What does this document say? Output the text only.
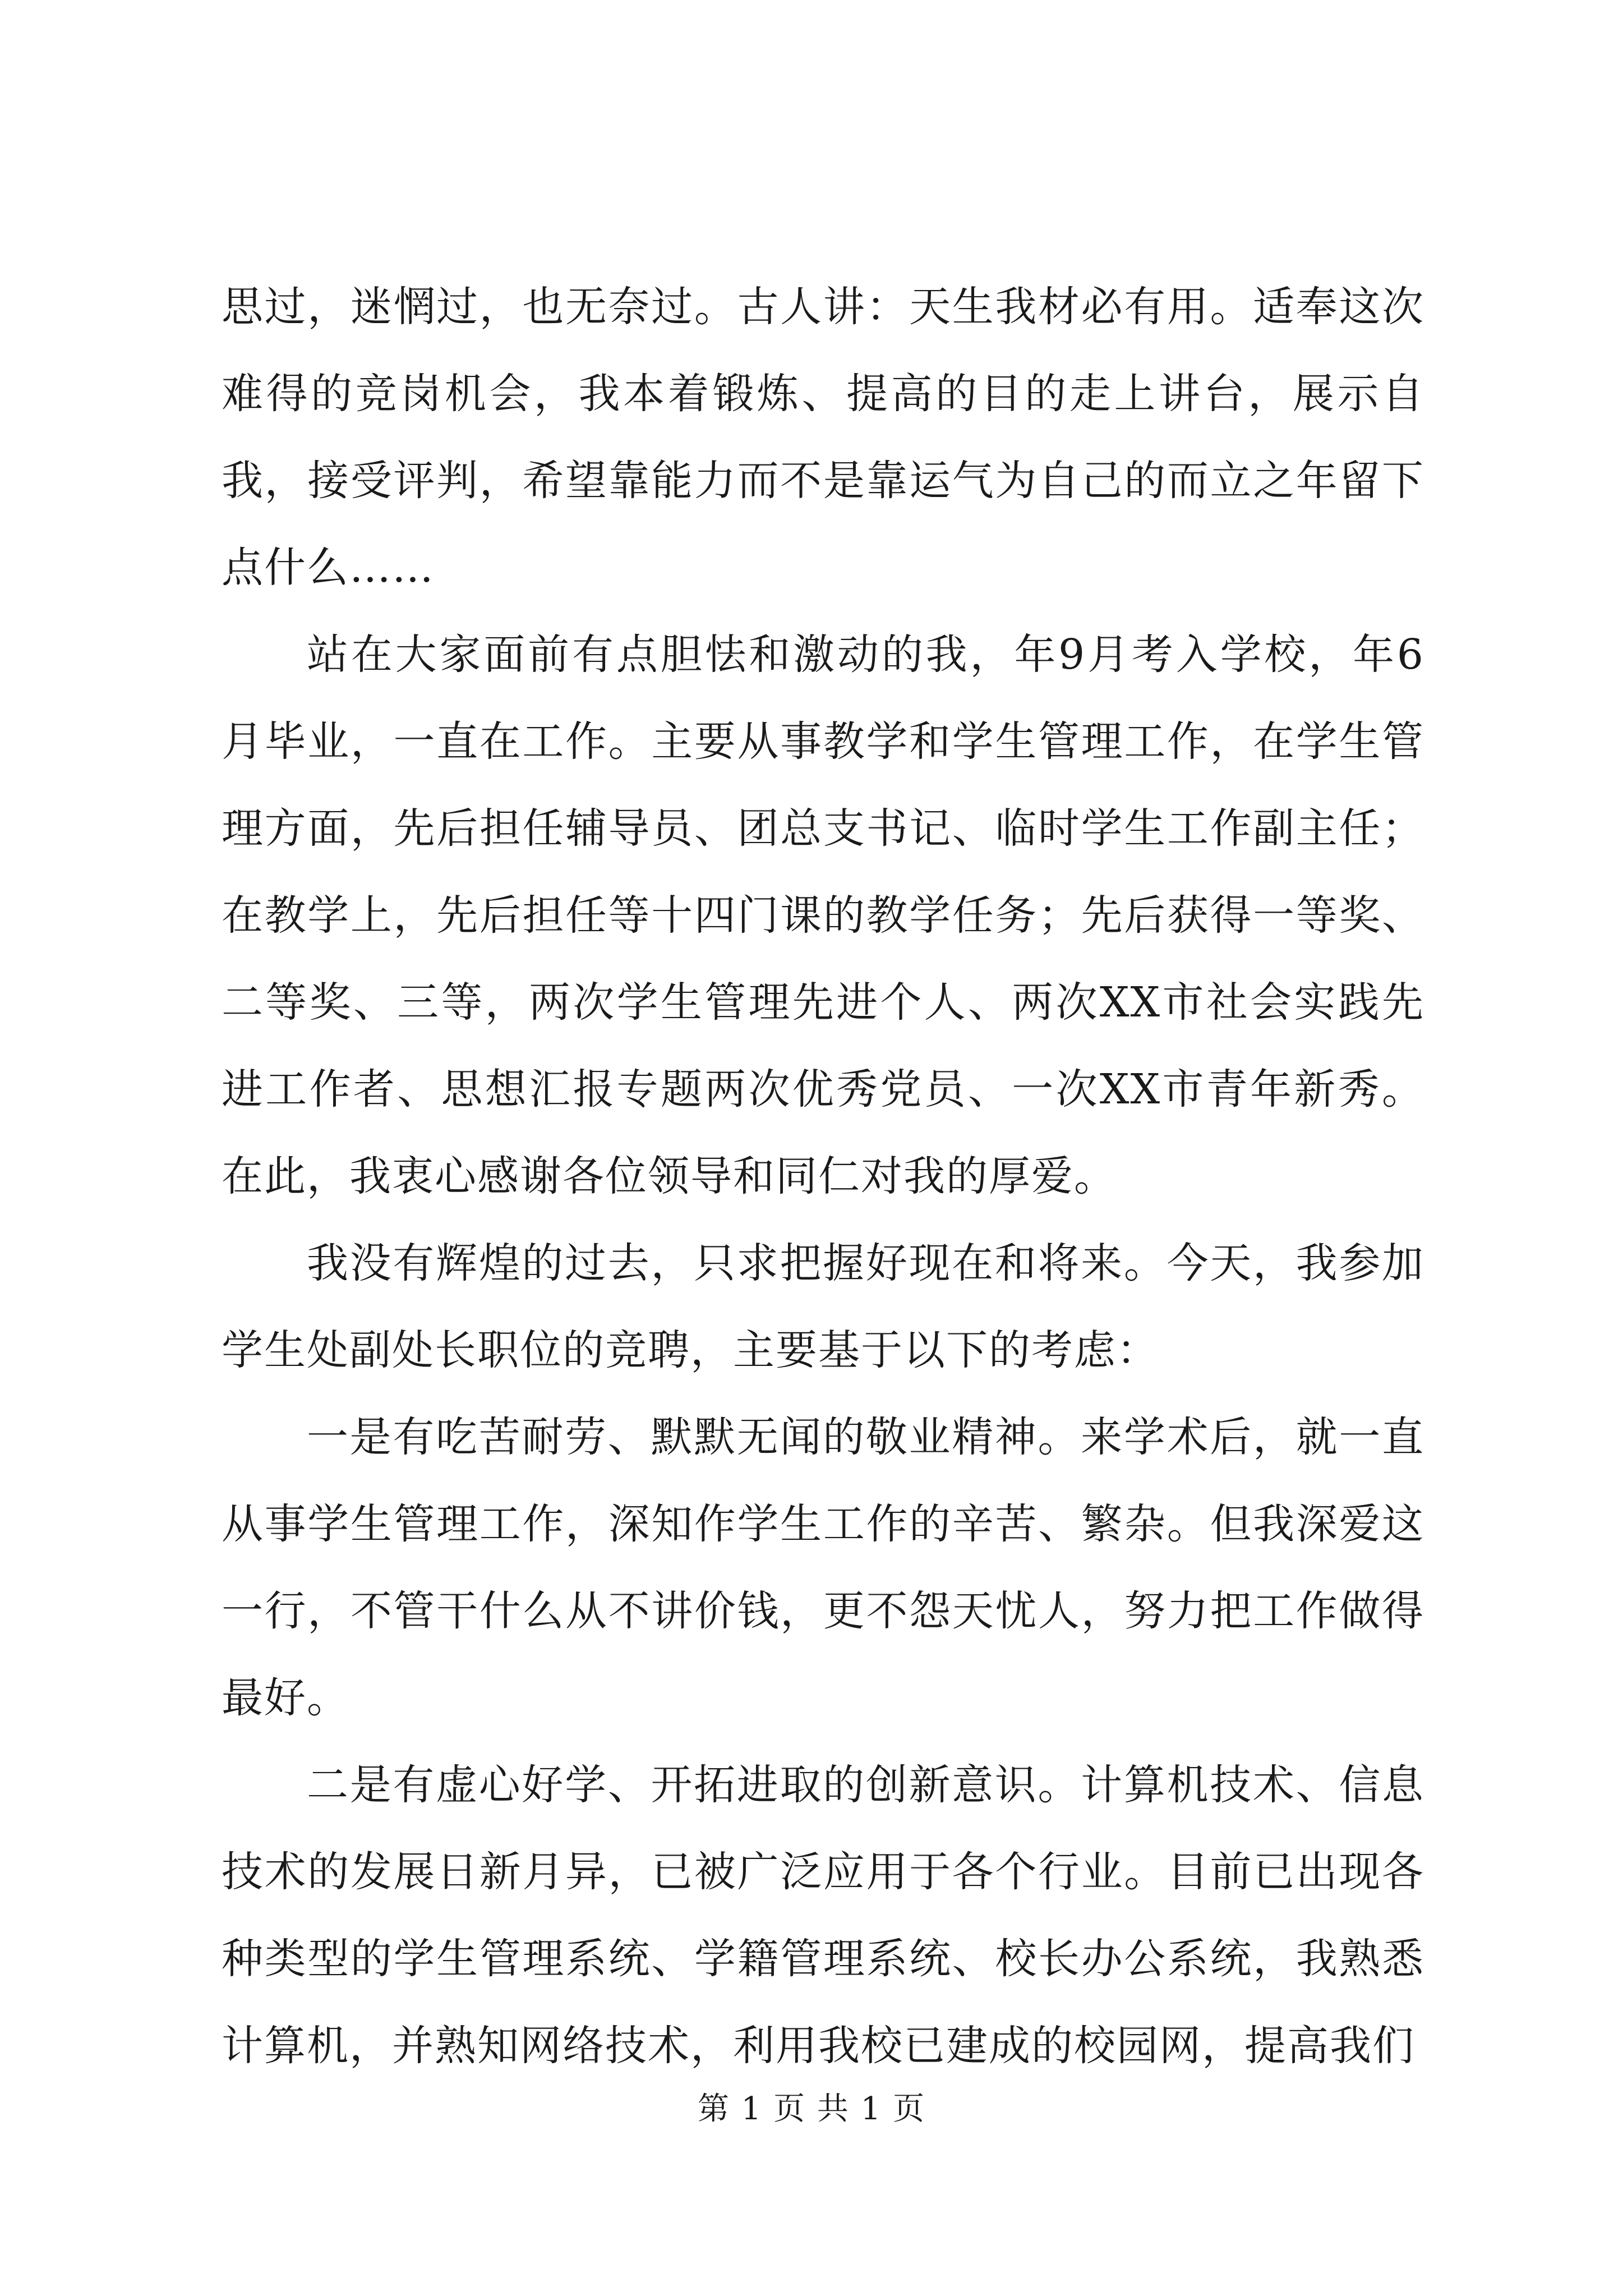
思过，迷惘过，也无奈过。古人讲：天生我材必有用。适奉这次难得的竞岗机会，我本着锻炼、提高的目的走上讲台，展示自我，接受评判，希望靠能力而不是靠运气为自己的而立之年留下点什么……

站在大家面前有点胆怯和激动的我，年9月考入学校，年6月毕业，一直在工作。主要从事教学和学生管理工作，在学生管理方面，先后担任辅导员、团总支书记、临时学生工作副主任；在教学上，先后担任等十四门课的教学任务；先后获得一等奖、二等奖、三等，两次学生管理先进个人、两次XX市社会实践先进工作者、思想汇报专题两次优秀党员、一次XX市青年新秀。在此，我衷心感谢各位领导和同仁对我的厚爱。

我没有辉煌的过去，只求把握好现在和将来。今天，我参加学生处副处长职位的竞聘，主要基于以下的考虑：

一是有吃苦耐劳、默默无闻的敬业精神。来学术后，就一直从事学生管理工作，深知作学生工作的辛苦、繁杂。但我深爱这一行，不管干什么从不讲价钱，更不怨天忧人，努力把工作做得最好。

二是有虚心好学、开拓进取的创新意识。计算机技术、信息技术的发展日新月异，已被广泛应用于各个行业。目前已出现各种类型的学生管理系统、学籍管理系统、校长办公系统，我熟悉计算机，并熟知网络技术，利用我校已建成的校园网，提高我们

第 1 页 共 1 页
